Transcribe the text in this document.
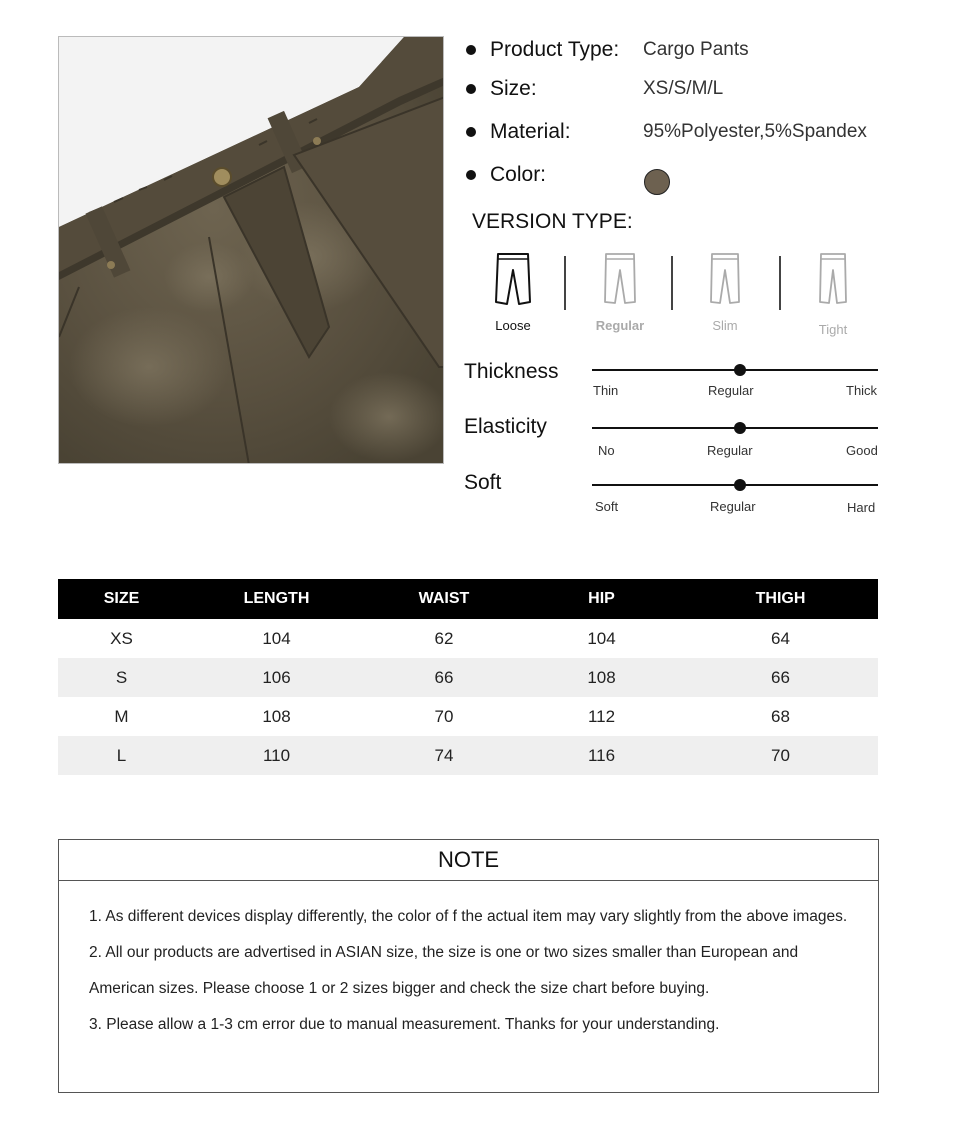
Product Type:	Cargo Pants
Size:	XS/S/M/L
Material:	95%Polyester,5%Spandex
Color:
VERSION TYPE:
Loose	Regular	Slim	Tight
Thickness
Thin	Regular	Thick
Elasticity
No	Regular	Good
Soft
Soft	Regular	Hard
SIZE	LENGTH	WAIST	HIP	THIGH
XS	104	62	104	64
S	106	66	108	66
M	108	70	112	68
L	110	74	116	70
NOTE

1. As different devices display differently, the color of f the actual item may vary slightly from the above images.

2. All our products are advertised in ASIAN size, the size is one or two sizes smaller than European and American sizes. Please choose 1 or 2 sizes bigger and check the size chart before buying.

3. Please allow a 1-3 cm error due to manual measurement. Thanks for your understanding.
